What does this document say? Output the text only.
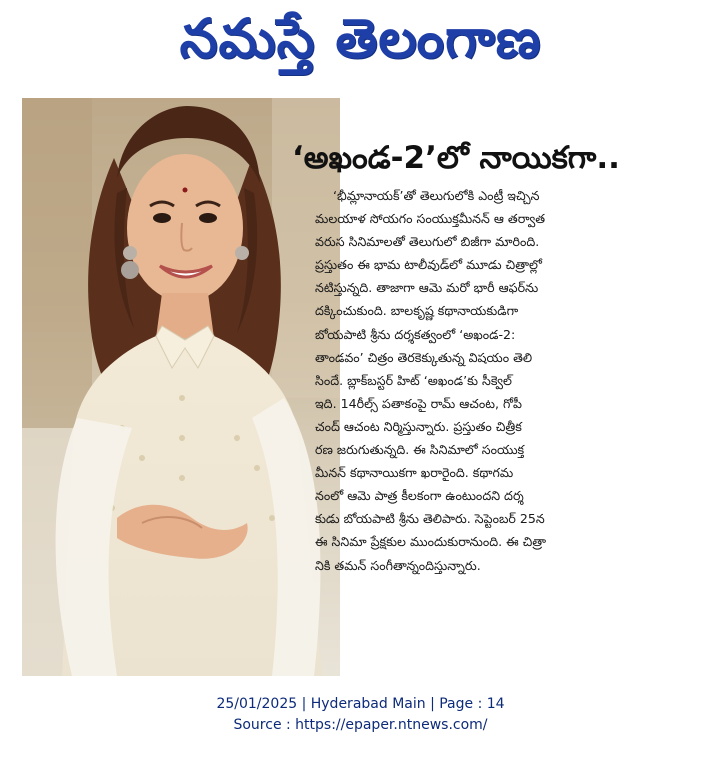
నమస్తే తెలంగాణ
‘అఖండ-2’లో నాయికగా..
‘భీమ్లానాయక్’తో తెలుగులోకి ఎంట్రీ ఇచ్చిన
మలయాళ సోయగం సంయుక్తమీనన్ ఆ తర్వాత
వరుస సినిమాలతో తెలుగులో బిజీగా మారింది.
ప్రస్తుతం ఈ భామ టాలీవుడ్‌లో మూడు చిత్రాల్లో
నటిస్తున్నది. తాజాగా ఆమె మరో భారీ ఆఫర్‌ను
దక్కించుకుంది. బాలకృష్ణ కథానాయకుడిగా
బోయపాటి శ్రీను దర్శకత్వంలో ‘అఖండ-2:
తాండవం’ చిత్రం తెరకెక్కుతున్న విషయం తెలి
సిందే. బ్లాక్‌బస్టర్ హిట్ ‘అఖండ’కు సీక్వెల్
ఇది. 14రీల్స్ పతాకంపై రామ్ ఆచంట, గోపీ
చంద్ ఆచంట నిర్మిస్తున్నారు. ప్రస్తుతం చిత్రీక
రణ జరుగుతున్నది. ఈ సినిమాలో సంయుక్త
మీనన్ కథానాయికగా ఖరారైంది. కథాగమ
నంలో ఆమె పాత్ర కీలకంగా ఉంటుందని దర్శ
కుడు బోయపాటి శ్రీను తెలిపారు. సెప్టెంబర్ 25న
ఈ సినిమా ప్రేక్షకుల ముందుకురానుంది. ఈ చిత్రా
నికి తమన్ సంగీతాన్నందిస్తున్నారు.
25/01/2025 | Hyderabad Main | Page : 14
Source : https://epaper.ntnews.com/
